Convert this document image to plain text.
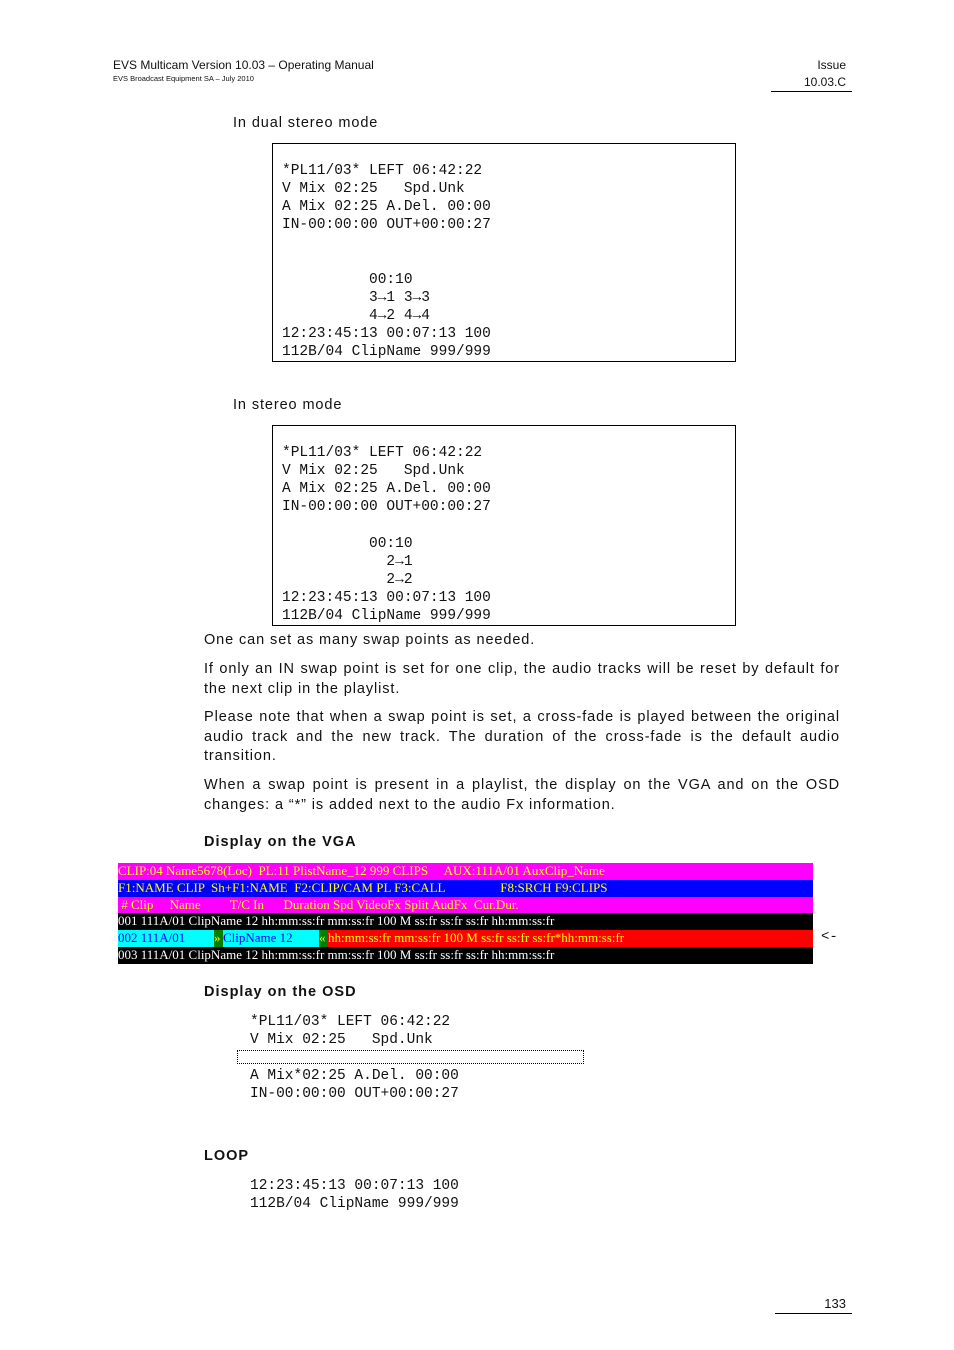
EVS Multicam Version 10.03 – Operating Manual
EVS Broadcast Equipment SA – July 2010
Issue
10.03.C
In dual stereo mode
*PL11/03* LEFT 06:42:22
V Mix 02:25   Spd.Unk
A Mix 02:25 A.Del. 00:00
IN-00:00:00 OUT+00:00:27
00:10
3→1 3→3
4→2 4→4
12:23:45:13 00:07:13 100
112B/04 ClipName 999/999
In stereo mode
*PL11/03* LEFT 06:42:22
V Mix 02:25   Spd.Unk
A Mix 02:25 A.Del. 00:00
IN-00:00:00 OUT+00:00:27
00:10
2→1
2→2
12:23:45:13 00:07:13 100
112B/04 ClipName 999/999
One can set as many swap points as needed.
If only an IN swap point is set for one clip, the audio tracks will be reset by default for the next clip in the playlist.
Please note that when a swap point is set, a cross-fade is played between the original audio track and the new track. The duration of the cross-fade is the default audio transition.
When a swap point is present in a playlist, the display on the VGA and on the OSD changes: a “*” is added next to the audio Fx information.
Display on the VGA
CLIP:04 Name5678(Loc)  PL:11 PlistName_12 999 CLIPS     AUX:111A/01 AuxClip_Name
F1:NAME CLIP  Sh+F1:NAME  F2:CLIP/CAM PL F3:CALL                 F8:SRCH F9:CLIPS
# Clip     Name         T/C In      Duration Spd VideoFx Split AudFx  Cur.Dur.
001 111A/01 ClipName 12 hh:mm:ss:fr mm:ss:fr 100 M ss:fr ss:fr ss:fr hh:mm:ss:fr

002 111A/01

	»

ClipName 12

	«

hh:mm:ss:fr mm:ss:fr 100 M ss:fr ss:fr ss:fr*hh:mm:ss:fr

003 111A/01 ClipName 12 hh:mm:ss:fr mm:ss:fr 100 M ss:fr ss:fr ss:fr hh:mm:ss:fr
<-
Display on the OSD
*PL11/03* LEFT 06:42:22
V Mix 02:25   Spd.Unk
A Mix*02:25 A.Del. 00:00
IN-00:00:00 OUT+00:00:27
LOOP
12:23:45:13 00:07:13 100
112B/04 ClipName 999/999
133
